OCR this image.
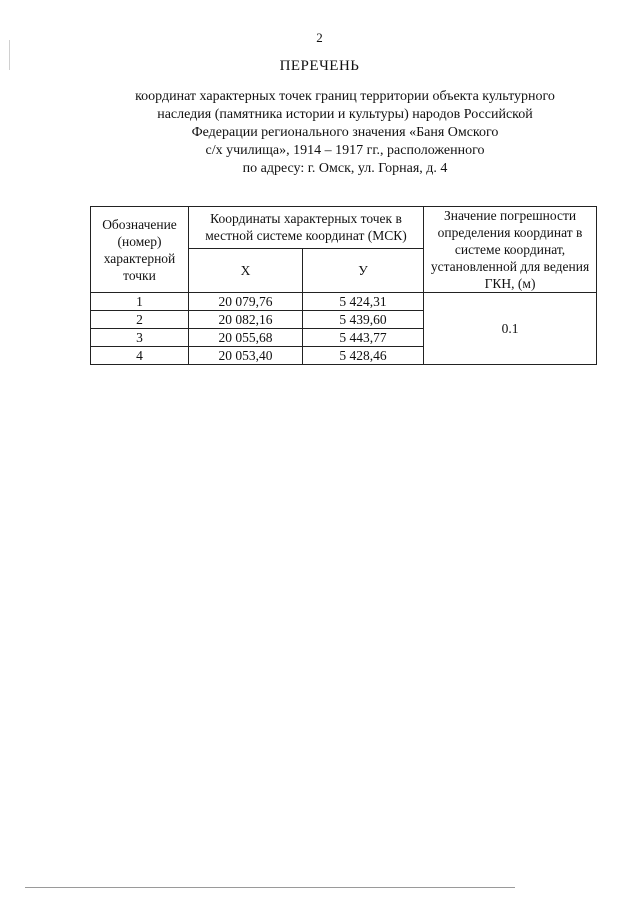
2
ПЕРЕЧЕНЬ
координат характерных точек границ территории объекта культурного
наследия (памятника истории и культуры) народов Российской
Федерации регионального значения «Баня Омского
с/х училища», 1914 – 1917 гг., расположенного
по адресу: г. Омск, ул. Горная, д. 4
Обозначение (номер) характерной точки	Координаты характерных точек в местной системе координат (МСК)		Значение погрешности определения координат в системе координат, установленной для ведения ГКН, (м)
	Х	У	
1	20 079,76	5 424,31	0.1
2	20 082,16	5 439,60	
3	20 055,68	5 443,77	
4	20 053,40	5 428,46	
